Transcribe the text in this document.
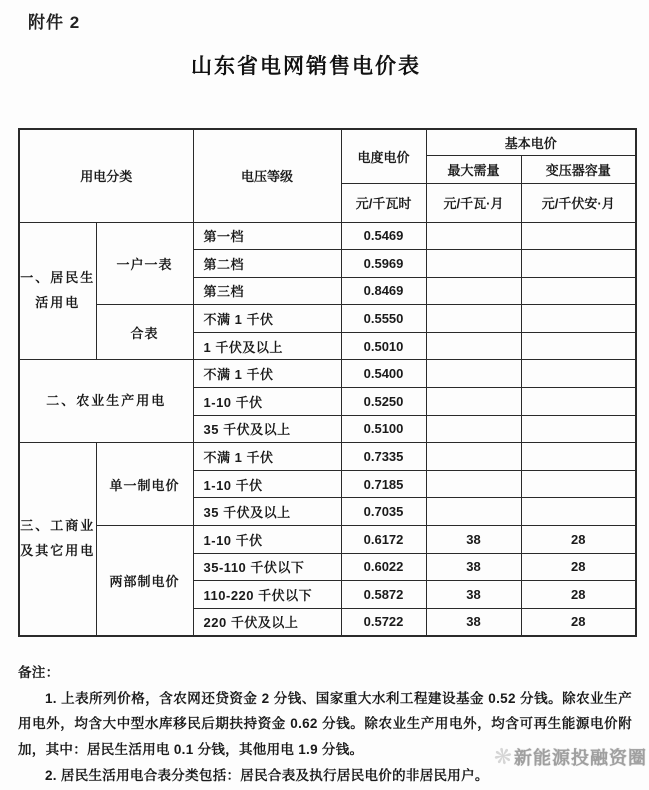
附件 2
山东省电网销售电价表
用电分类		电压等级	电度电价	基本电价	
				最大需量	变压器容量
			元/千瓦时	元/千瓦·月	元/千伏安·月
一、居民生活用电	一户一表	第一档	0.5469		
		第二档	0.5969		
		第三档	0.8469		
	合表	不满 1 千伏	0.5550		
		1 千伏及以上	0.5010		
二、农业生产用电		不满 1 千伏	0.5400		
		1-10 千伏	0.5250		
		35 千伏及以上	0.5100		
三、工商业及其它用电	单一制电价	不满 1 千伏	0.7335		
		1-10 千伏	0.7185		
		35 千伏及以上	0.7035		
	两部制电价	1-10 千伏	0.6172	38	28
		35-110 千伏以下	0.6022	38	28
		110-220 千伏以下	0.5872	38	28
		220 千伏及以上	0.5722	38	28

备注：

1. 上表所列价格，含农网还贷资金 2 分钱、国家重大水利工程建设基金 0.52 分钱。除农业生产用电外，均含大中型水库移民后期扶持资金 0.62 分钱。除农业生产用电外，均含可再生能源电价附加，其中：居民生活用电 0.1 分钱，其他用电 1.9 分钱。

2. 居民生活用电合表分类包括：居民合表及执行居民电价的非居民用户。

❋ 新能源投融资圈
